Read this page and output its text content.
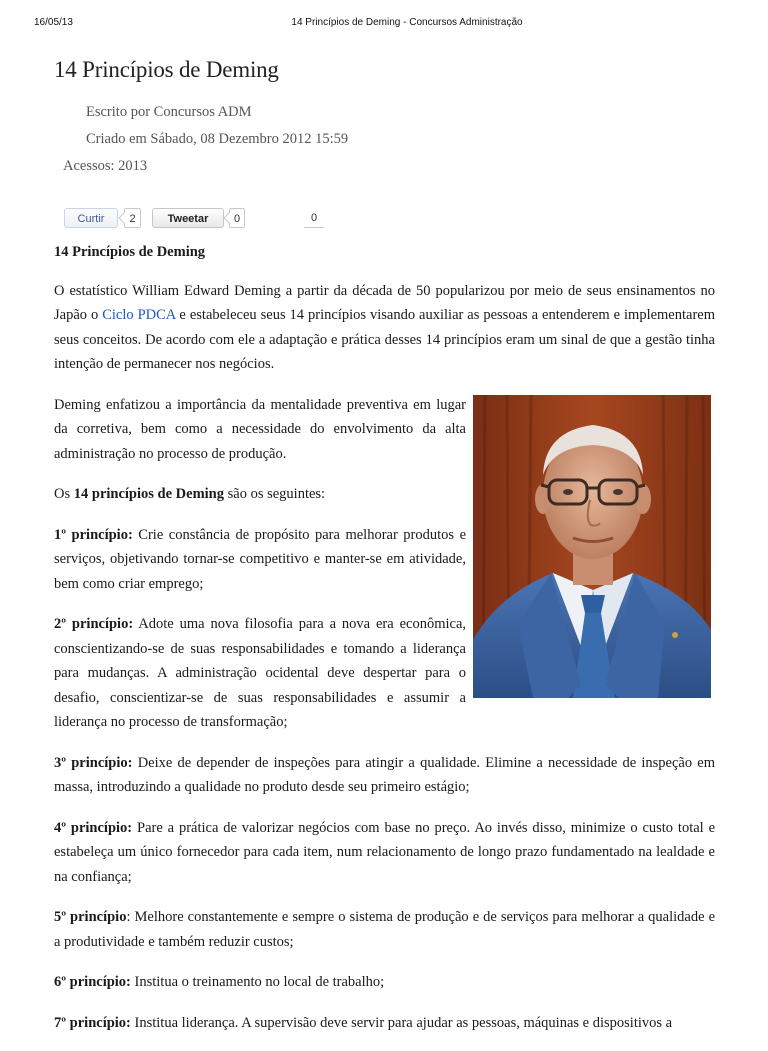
16/05/13	14 Princípios de Deming - Concursos Administração
14 Princípios de Deming
Escrito por Concursos ADM
Criado em Sábado, 08 Dezembro 2012 15:59
Acessos: 2013
Curtir	2	Tweetar	0	0

14 Princípios de Deming

O estatístico William Edward Deming a partir da década de 50 popularizou por meio de seus ensinamentos no Japão o Ciclo PDCA e estabeleceu seus 14 princípios visando auxiliar as pessoas a entenderem e implementarem seus conceitos. De acordo com ele a adaptação e prática desses 14 princípios eram um sinal de que a gestão tinha intenção de permanecer nos negócios.

Deming enfatizou a importância da mentalidade preventiva em lugar da corretiva, bem como a necessidade do envolvimento da alta administração no processo de produção.

Os 14 princípios de Deming são os seguintes:

1º princípio: Crie constância de propósito para melhorar produtos e serviços, objetivando tornar-se competitivo e manter-se em atividade, bem como criar emprego;

2º princípio: Adote uma nova filosofia para a nova era econômica, conscientizando-se de suas responsabilidades e tomando a liderança para mudanças. A administração ocidental deve despertar para o desafio, conscientizar-se de suas responsabilidades e assumir a liderança no processo de transformação;

3º princípio: Deixe de depender de inspeções para atingir a qualidade. Elimine a necessidade de inspeção em massa, introduzindo a qualidade no produto desde seu primeiro estágio;

4º princípio: Pare a prática de valorizar negócios com base no preço. Ao invés disso, minimize o custo total e estabeleça um único fornecedor para cada item, num relacionamento de longo prazo fundamentado na lealdade e na confiança;

5º princípio: Melhore constantemente e sempre o sistema de produção e de serviços para melhorar a qualidade e a produtividade e também reduzir custos;

6º princípio: Institua o treinamento no local de trabalho;

7º princípio: Institua liderança. A supervisão deve servir para ajudar as pessoas, máquinas e dispositivos a
